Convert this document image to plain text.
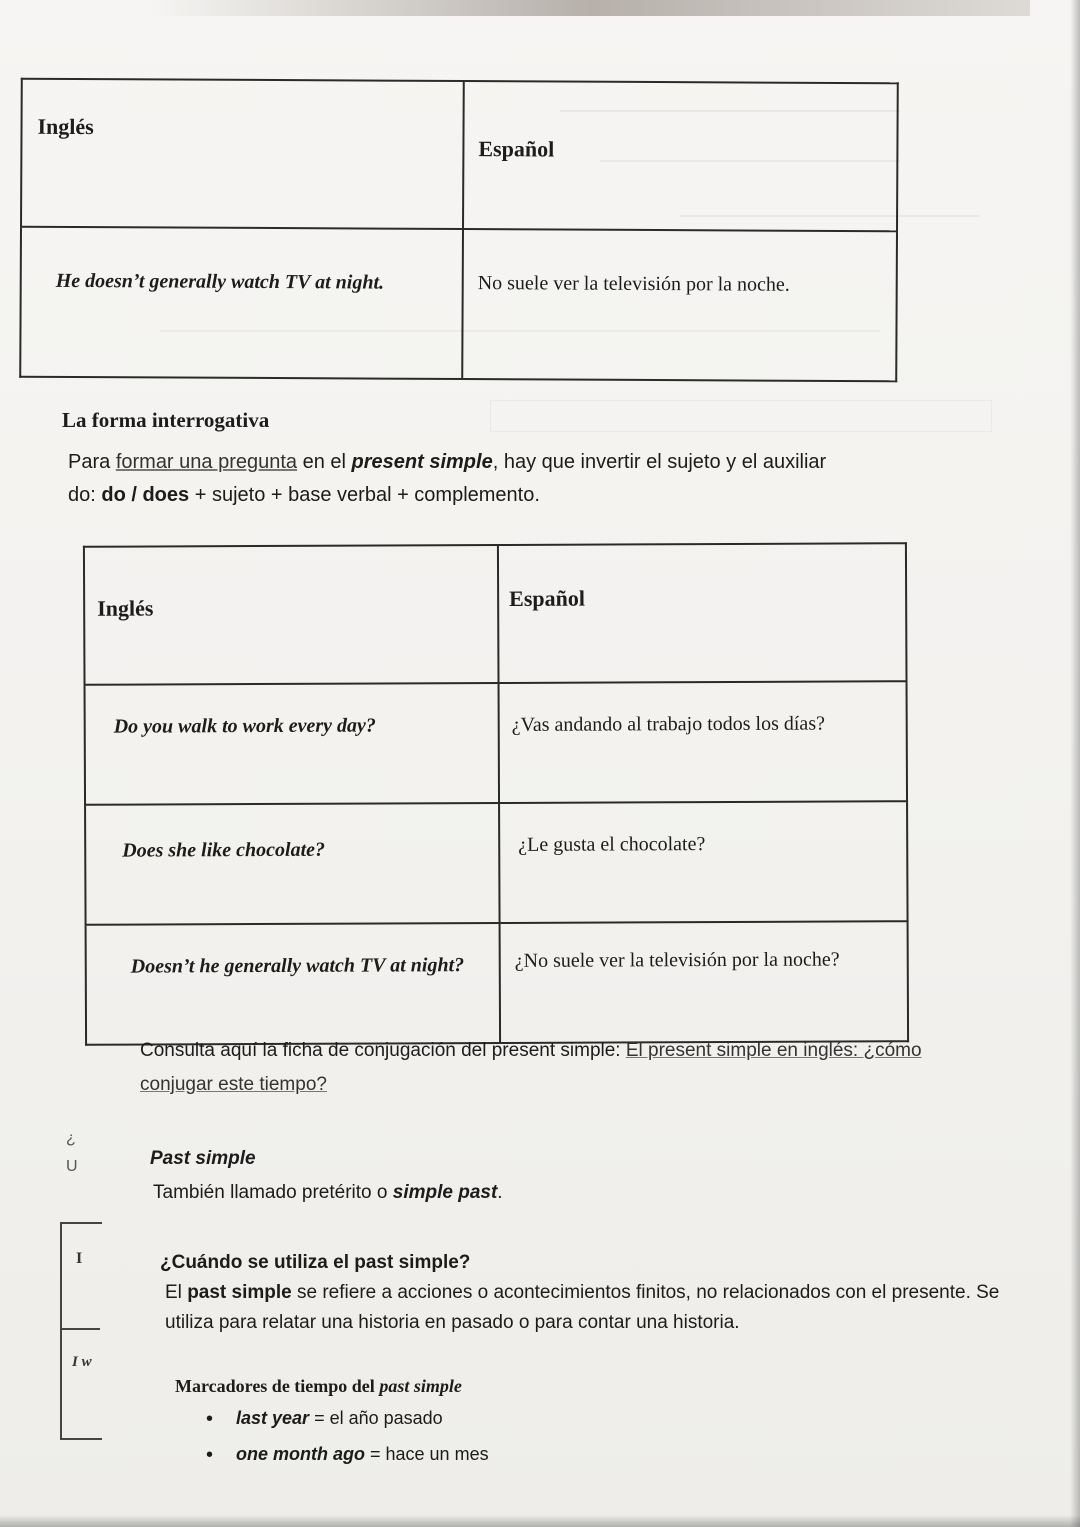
Inglés	Español

He doesn’t generally watch TV at night.	No suele ver la televisión por la noche.
La forma interrogativa
Para formar una pregunta en el present simple, hay que invertir el sujeto y el auxiliar
do: do / does + sujeto + base verbal + complemento.
Inglés	Español

Do you walk to work every day?	¿Vas andando al trabajo todos los días?

Does she like chocolate?	¿Le gusta el chocolate?

Doesn’t he generally watch TV at night?	¿No suele ver la televisión por la noche?
Consulta aquí la ficha de conjugación del present simple: El present simple en inglés: ¿cómo
conjugar este tiempo?
Past simple
También llamado pretérito o simple past.
¿Cuándo se utiliza el past simple?
El past simple se refiere a acciones o acontecimientos finitos, no relacionados con el presente. Se
utiliza para relatar una historia en pasado o para contar una historia.
Marcadores de tiempo del past simple
• last year = el año pasado
• one month ago = hace un mes
¿
U
I
I w
